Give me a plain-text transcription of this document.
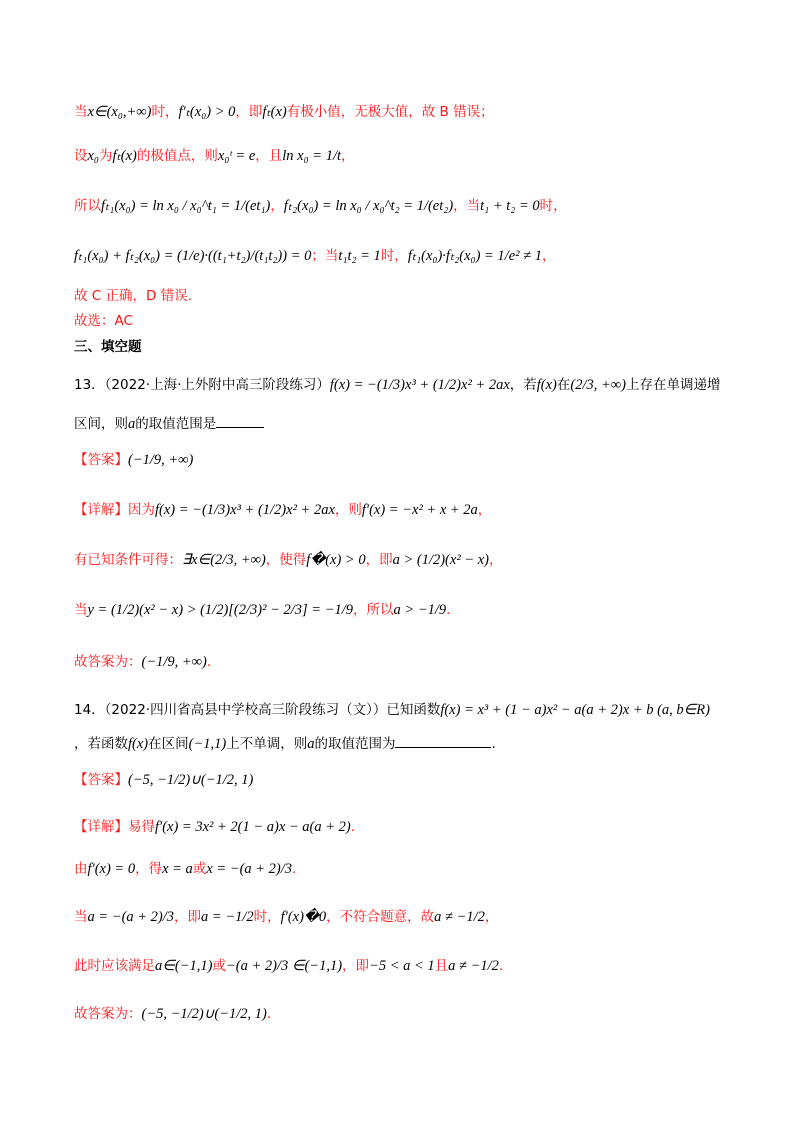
当x∈(x₀,+∞)时，f′ₜ(x₀) > 0，即fₜ(x)有极小值，无极大值，故 B 错误；
设x₀为fₜ(x)的极值点，则x₀ᵗ = e，且ln x₀ = 1/t，
所以fₜ₁(x₀) = ln x₀ / x₀^t₁ = 1/(et₁)，fₜ₂(x₀) = ln x₀ / x₀^t₂ = 1/(et₂)，当t₁ + t₂ = 0时，
fₜ₁(x₀) + fₜ₂(x₀) = (1/e)·((t₁+t₂)/(t₁t₂)) = 0；当t₁t₂ = 1时，fₜ₁(x₀)·fₜ₂(x₀) = 1/e² ≠ 1，
故 C 正确，D 错误.
故选：AC
三、填空题
13．（2022·上海·上外附中高三阶段练习）f(x) = −(1/3)x³ + (1/2)x² + 2ax，若f(x)在(2/3, +∞)上存在单调递增
区间，则a的取值范围是
【答案】(−1/9, +∞)
【详解】因为f(x) = −(1/3)x³ + (1/2)x² + 2ax，则f′(x) = −x² + x + 2a，
有已知条件可得：∃x∈(2/3, +∞)，使得f�(x) > 0，即a > (1/2)(x² − x)，
当y = (1/2)(x² − x) > (1/2)[(2/3)² − 2/3] = −1/9，所以a > −1/9.
故答案为：(−1/9, +∞).
14．（2022·四川省高县中学校高三阶段练习（文））已知函数f(x) = x³ + (1 − a)x² − a(a + 2)x + b (a, b∈R)
，若函数f(x)在区间(−1,1)上不单调，则a的取值范围为	.
【答案】(−5, −1/2)∪(−1/2, 1)
【详解】易得f′(x) = 3x² + 2(1 − a)x − a(a + 2).
由f′(x) = 0，得x = a或x = −(a + 2)/3.
当a = −(a + 2)/3，即a = −1/2时，f′(x)�0，不符合题意，故a ≠ −1/2，
此时应该满足a∈(−1,1)或−(a + 2)/3 ∈(−1,1)，即−5 < a < 1且a ≠ −1/2.
故答案为：(−5, −1/2)∪(−1/2, 1).
